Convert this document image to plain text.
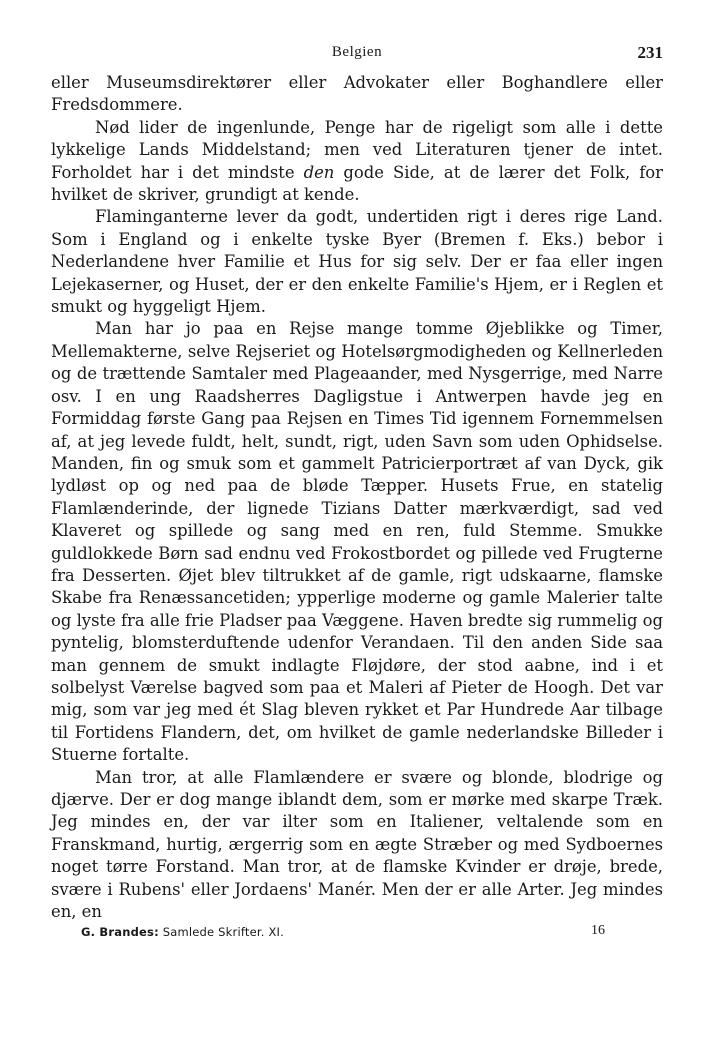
Belgien	231

eller Museumsdirektører eller Advokater eller Boghandlere eller Fredsdommere.

Nød lider de ingenlunde, Penge har de rigeligt som alle i dette lykkelige Lands Middelstand; men ved Literaturen tjener de intet. Forholdet har i det mindste den gode Side, at de lærer det Folk, for hvilket de skriver, grundigt at kende.

Flaminganterne lever da godt, undertiden rigt i deres rige Land. Som i England og i enkelte tyske Byer (Bremen f. Eks.) bebor i Nederlandene hver Familie et Hus for sig selv. Der er faa eller ingen Lejekaserner, og Huset, der er den enkelte Familie's Hjem, er i Reglen et smukt og hyggeligt Hjem.

Man har jo paa en Rejse mange tomme Øjeblikke og Timer, Mellemakterne, selve Rejseriet og Hotelsørgmodigheden og Kellnerleden og de trættende Samtaler med Plageaander, med Nysgerrige, med Narre osv. I en ung Raadsherres Dagligstue i Antwerpen havde jeg en Formiddag første Gang paa Rejsen en Times Tid igennem Fornemmelsen af, at jeg levede fuldt, helt, sundt, rigt, uden Savn som uden Ophidselse. Manden, fin og smuk som et gammelt Patricierportræt af van Dyck, gik lydløst op og ned paa de bløde Tæpper. Husets Frue, en statelig Flamlænderinde, der lignede Tizians Datter mærkværdigt, sad ved Klaveret og spillede og sang med en ren, fuld Stemme. Smukke guldlokkede Børn sad endnu ved Frokostbordet og pillede ved Frugterne fra Desserten. Øjet blev tiltrukket af de gamle, rigt udskaarne, flamske Skabe fra Renæssancetiden; ypperlige moderne og gamle Malerier talte og lyste fra alle frie Pladser paa Væggene. Haven bredte sig rummelig og pyntelig, blomsterduftende udenfor Verandaen. Til den anden Side saa man gennem de smukt indlagte Fløjdøre, der stod aabne, ind i et solbelyst Værelse bagved som paa et Maleri af Pieter de Hoogh. Det var mig, som var jeg med ét Slag bleven rykket et Par Hundrede Aar tilbage til Fortidens Flandern, det, om hvilket de gamle nederlandske Billeder i Stuerne fortalte.

Man tror, at alle Flamlændere er svære og blonde, blodrige og djærve. Der er dog mange iblandt dem, som er mørke med skarpe Træk. Jeg mindes en, der var ilter som en Italiener, veltalende som en Franskmand, hurtig, ærgerrig som en ægte Stræber og med Sydboernes noget tørre Forstand. Man tror, at de flamske Kvinder er drøje, brede, svære i Rubens' eller Jordaens' Manér. Men der er alle Arter. Jeg mindes en, en

G. Brandes: Samlede Skrifter. XI.	16
